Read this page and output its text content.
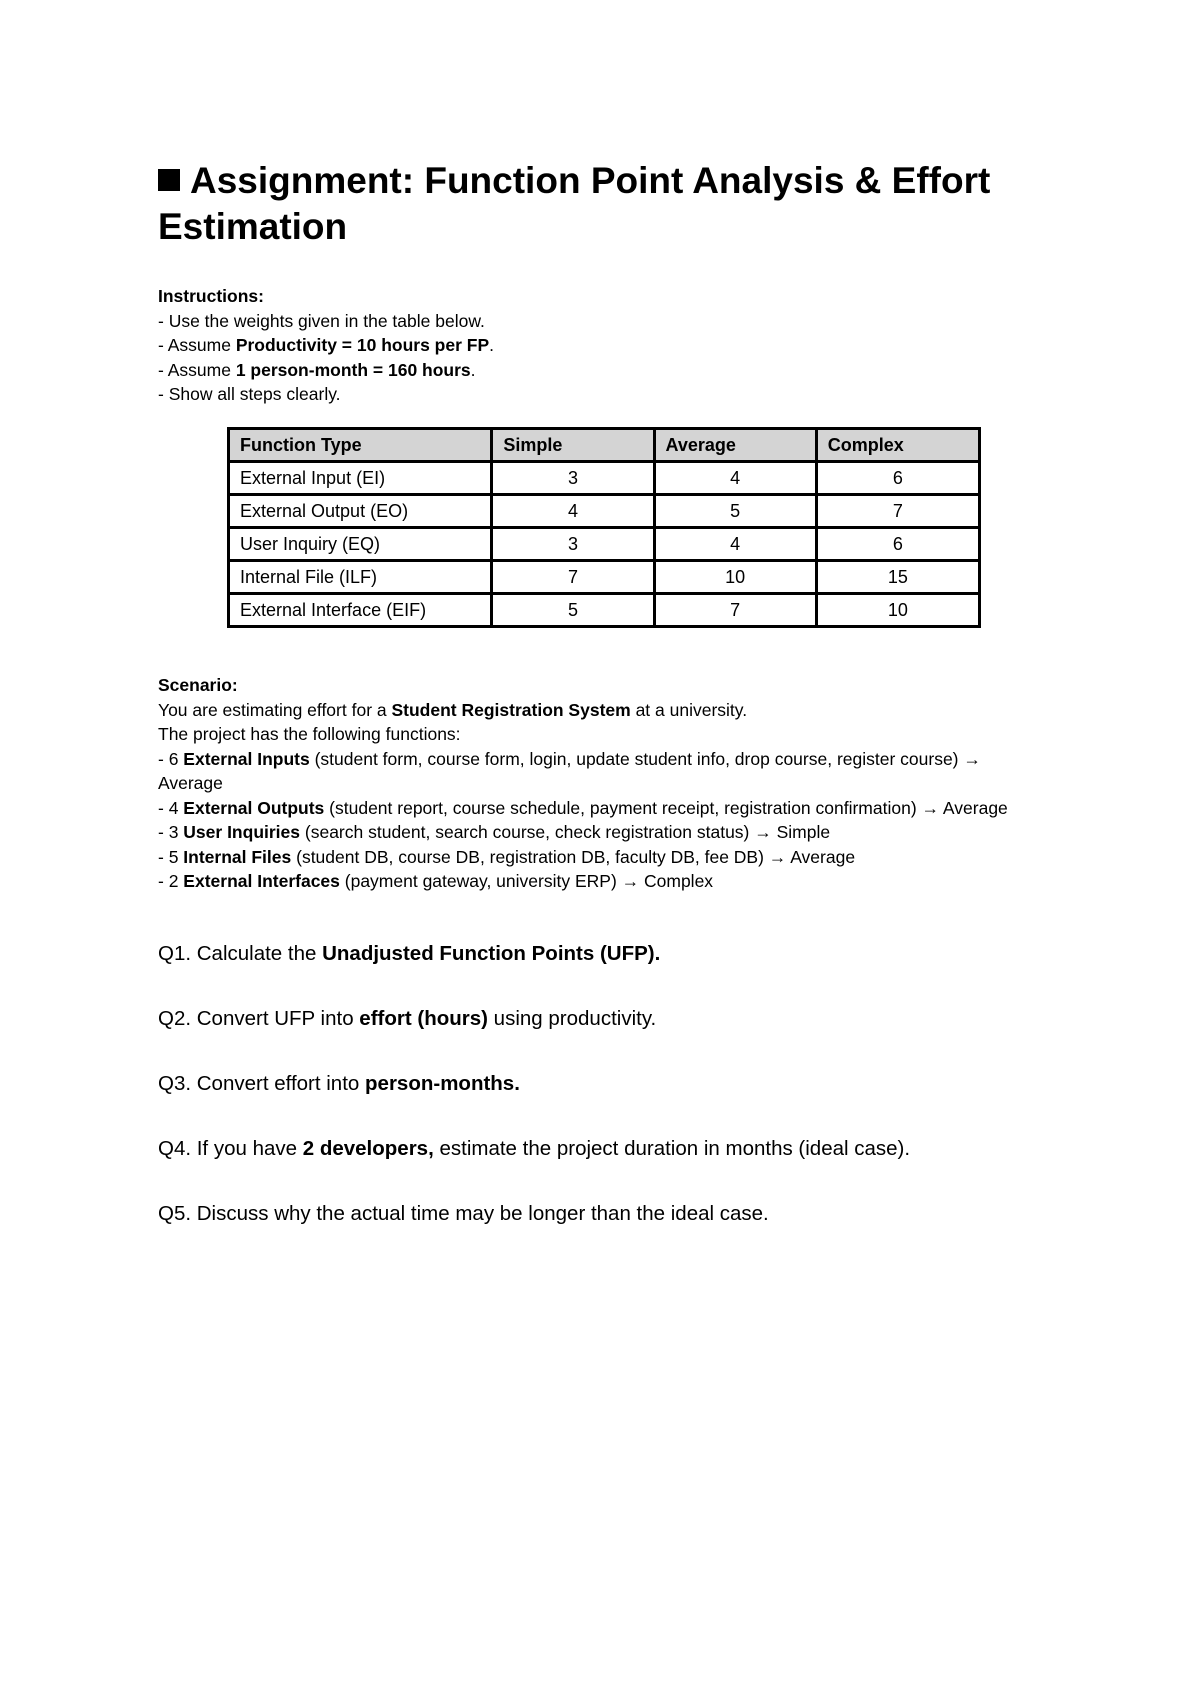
Assignment: Function Point Analysis & Effort Estimation
Instructions:
- Use the weights given in the table below.
- Assume Productivity = 10 hours per FP.
- Assume 1 person-month = 160 hours.
- Show all steps clearly.
Function Type	Simple	Average	Complex
External Input (EI)	3	4	6
External Output (EO)	4	5	7
User Inquiry (EQ)	3	4	6
Internal File (ILF)	7	10	15
External Interface (EIF)	5	7	10
Scenario:
You are estimating effort for a Student Registration System at a university.
The project has the following functions:
- 6 External Inputs (student form, course form, login, update student info, drop course, register course) → Average
- 4 External Outputs (student report, course schedule, payment receipt, registration confirmation) → Average
- 3 User Inquiries (search student, search course, check registration status) → Simple
- 5 Internal Files (student DB, course DB, registration DB, faculty DB, fee DB) → Average
- 2 External Interfaces (payment gateway, university ERP) → Complex
Q1. Calculate the Unadjusted Function Points (UFP).
Q2. Convert UFP into effort (hours) using productivity.
Q3. Convert effort into person-months.
Q4. If you have 2 developers, estimate the project duration in months (ideal case).
Q5. Discuss why the actual time may be longer than the ideal case.
